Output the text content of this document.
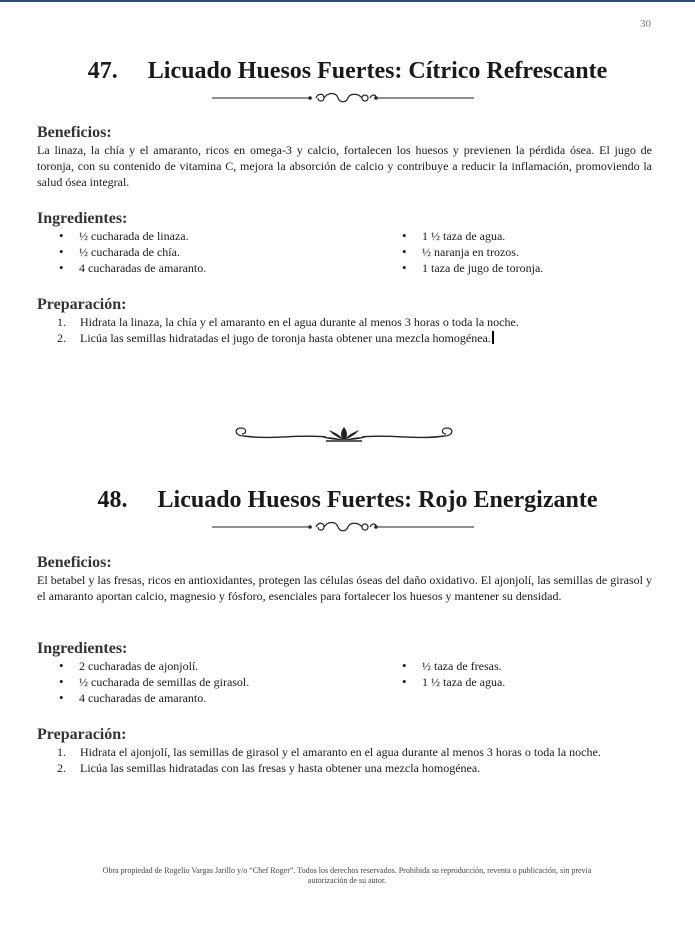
30
47. Licuado Huesos Fuertes: Cítrico Refrescante
Beneficios:
La linaza, la chía y el amaranto, ricos en omega-3 y calcio, fortalecen los huesos y previenen la pérdida ósea. El jugo de toronja, con su contenido de vitamina C, mejora la absorción de calcio y contribuye a reducir la inflamación, promoviendo la salud ósea integral.
Ingredientes:
• ½ cucharada de linaza.
• ½ cucharada de chía.
• 4 cucharadas de amaranto.
• 1 ½ taza de agua.
• ½ naranja en trozos.
• 1 taza de jugo de toronja.
Preparación:
1. Hidrata la linaza, la chía y el amaranto en el agua durante al menos 3 horas o toda la noche.
2. Licúa las semillas hidratadas el jugo de toronja hasta obtener una mezcla homogénea.
48. Licuado Huesos Fuertes: Rojo Energizante
Beneficios:
El betabel y las fresas, ricos en antioxidantes, protegen las células óseas del daño oxidativo. El ajonjolí, las semillas de girasol y el amaranto aportan calcio, magnesio y fósforo, esenciales para fortalecer los huesos y mantener su densidad.
Ingredientes:
• 2 cucharadas de ajonjolí.
• ½ cucharada de semillas de girasol.
• 4 cucharadas de amaranto.
• ½ taza de fresas.
• 1 ½ taza de agua.
Preparación:
1. Hidrata el ajonjolí, las semillas de girasol y el amaranto en el agua durante al menos 3 horas o toda la noche.
2. Licúa las semillas hidratadas con las fresas y hasta obtener una mezcla homogénea.
Obra propiedad de Rogelio Vargas Jarillo y/o “Chef Roger”. Todos los derechos reservados. Prohibida su reproducción, reventa o publicación, sin previa
autorización de su autor.
